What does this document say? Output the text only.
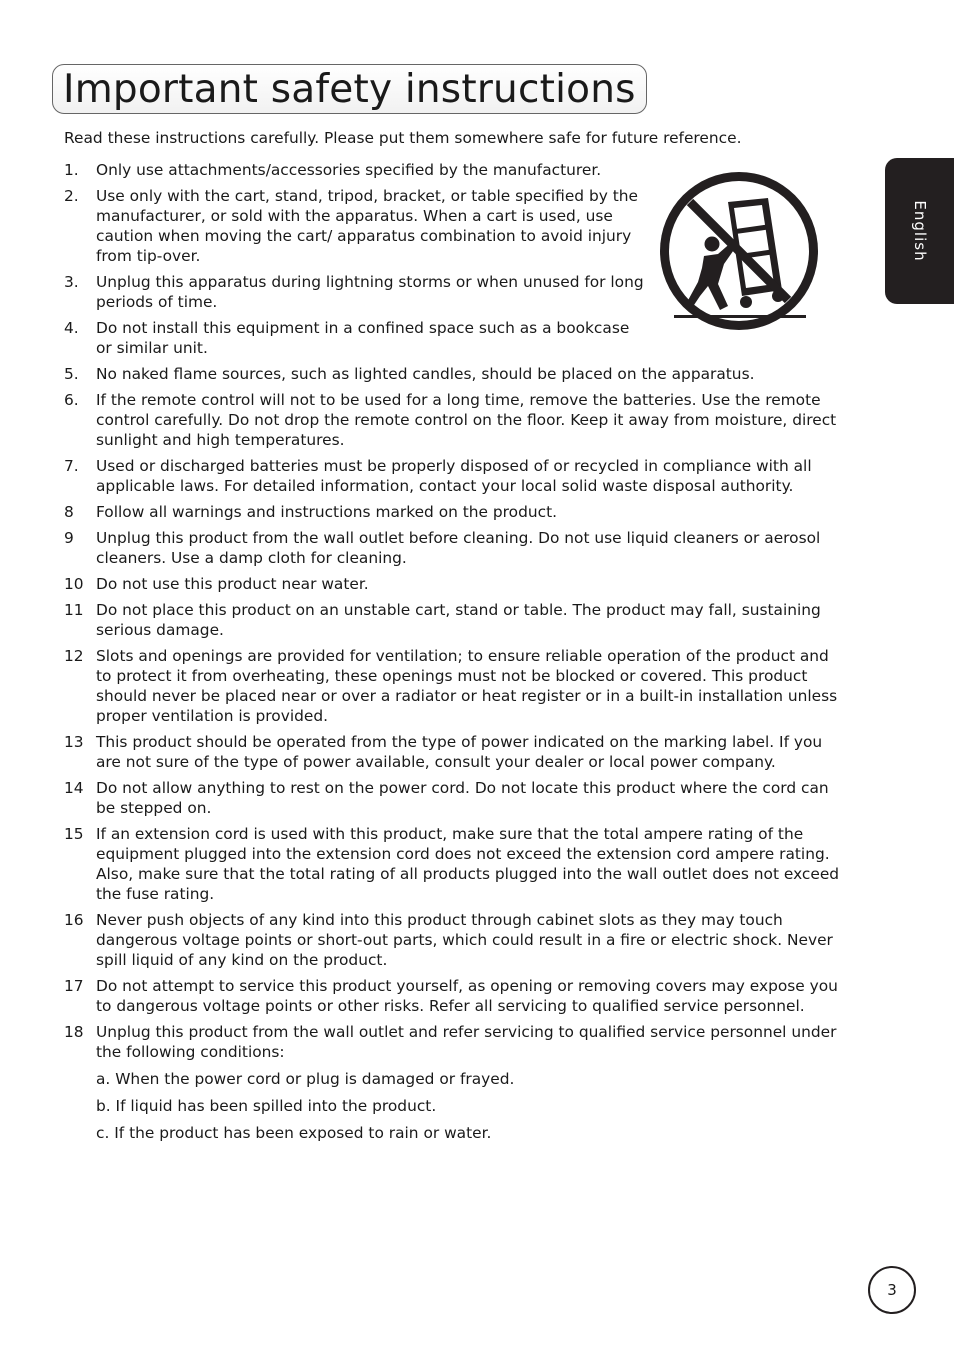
Important safety instructions
Read these instructions carefully. Please put them somewhere safe for future reference.
English
1.	Only use attachments/accessories specified by the manufacturer.
2.	Use only with the cart, stand, tripod, bracket, or table specified by the manufacturer, or sold with the apparatus. When a cart is used, use caution when moving the cart/ apparatus combination to avoid injury from tip-over.
3.	Unplug this apparatus during lightning storms or when unused for long periods of time.
4.	Do not install this equipment in a confined space such as a bookcase or similar unit.
5.	No naked flame sources, such as lighted candles, should be placed on the apparatus.
6.	If the remote control will not to be used for a long time, remove the batteries. Use the remote control carefully. Do not drop the remote control on the floor. Keep it away from moisture, direct sunlight and high temperatures.
7.	Used or discharged batteries must be properly disposed of or recycled in compliance with all applicable laws. For detailed information, contact your local solid waste disposal authority.
8	Follow all warnings and instructions marked on the product.
9	Unplug this product from the wall outlet before cleaning. Do not use liquid cleaners or aerosol cleaners. Use a damp cloth for cleaning.
10 Do not use this product near water.
11 Do not place this product on an unstable cart, stand or table. The product may fall, sustaining serious damage.
12 Slots and openings are provided for ventilation; to ensure reliable operation of the product and to protect it from overheating, these openings must not be blocked or covered. This product should never be placed near or over a radiator or heat register or in a built-in installation unless proper ventilation is provided.
13 This product should be operated from the type of power indicated on the marking label. If you are not sure of the type of power available, consult your dealer or local power company.
14 Do not allow anything to rest on the power cord. Do not locate this product where the cord can be stepped on.
15 If an extension cord is used with this product, make sure that the total ampere rating of the equipment plugged into the extension cord does not exceed the extension cord ampere rating. Also, make sure that the total rating of all products plugged into the wall outlet does not exceed the fuse rating.
16 Never push objects of any kind into this product through cabinet slots as they may touch dangerous voltage points or short-out parts, which could result in a fire or electric shock. Never spill liquid of any kind on the product.
17 Do not attempt to service this product yourself, as opening or removing covers may expose you to dangerous voltage points or other risks. Refer all servicing to qualified service personnel.
18 Unplug this product from the wall outlet and refer servicing to qualified service personnel under the following conditions:
a. When the power cord or plug is damaged or frayed.
b. If liquid has been spilled into the product.
c. If the product has been exposed to rain or water.
3
